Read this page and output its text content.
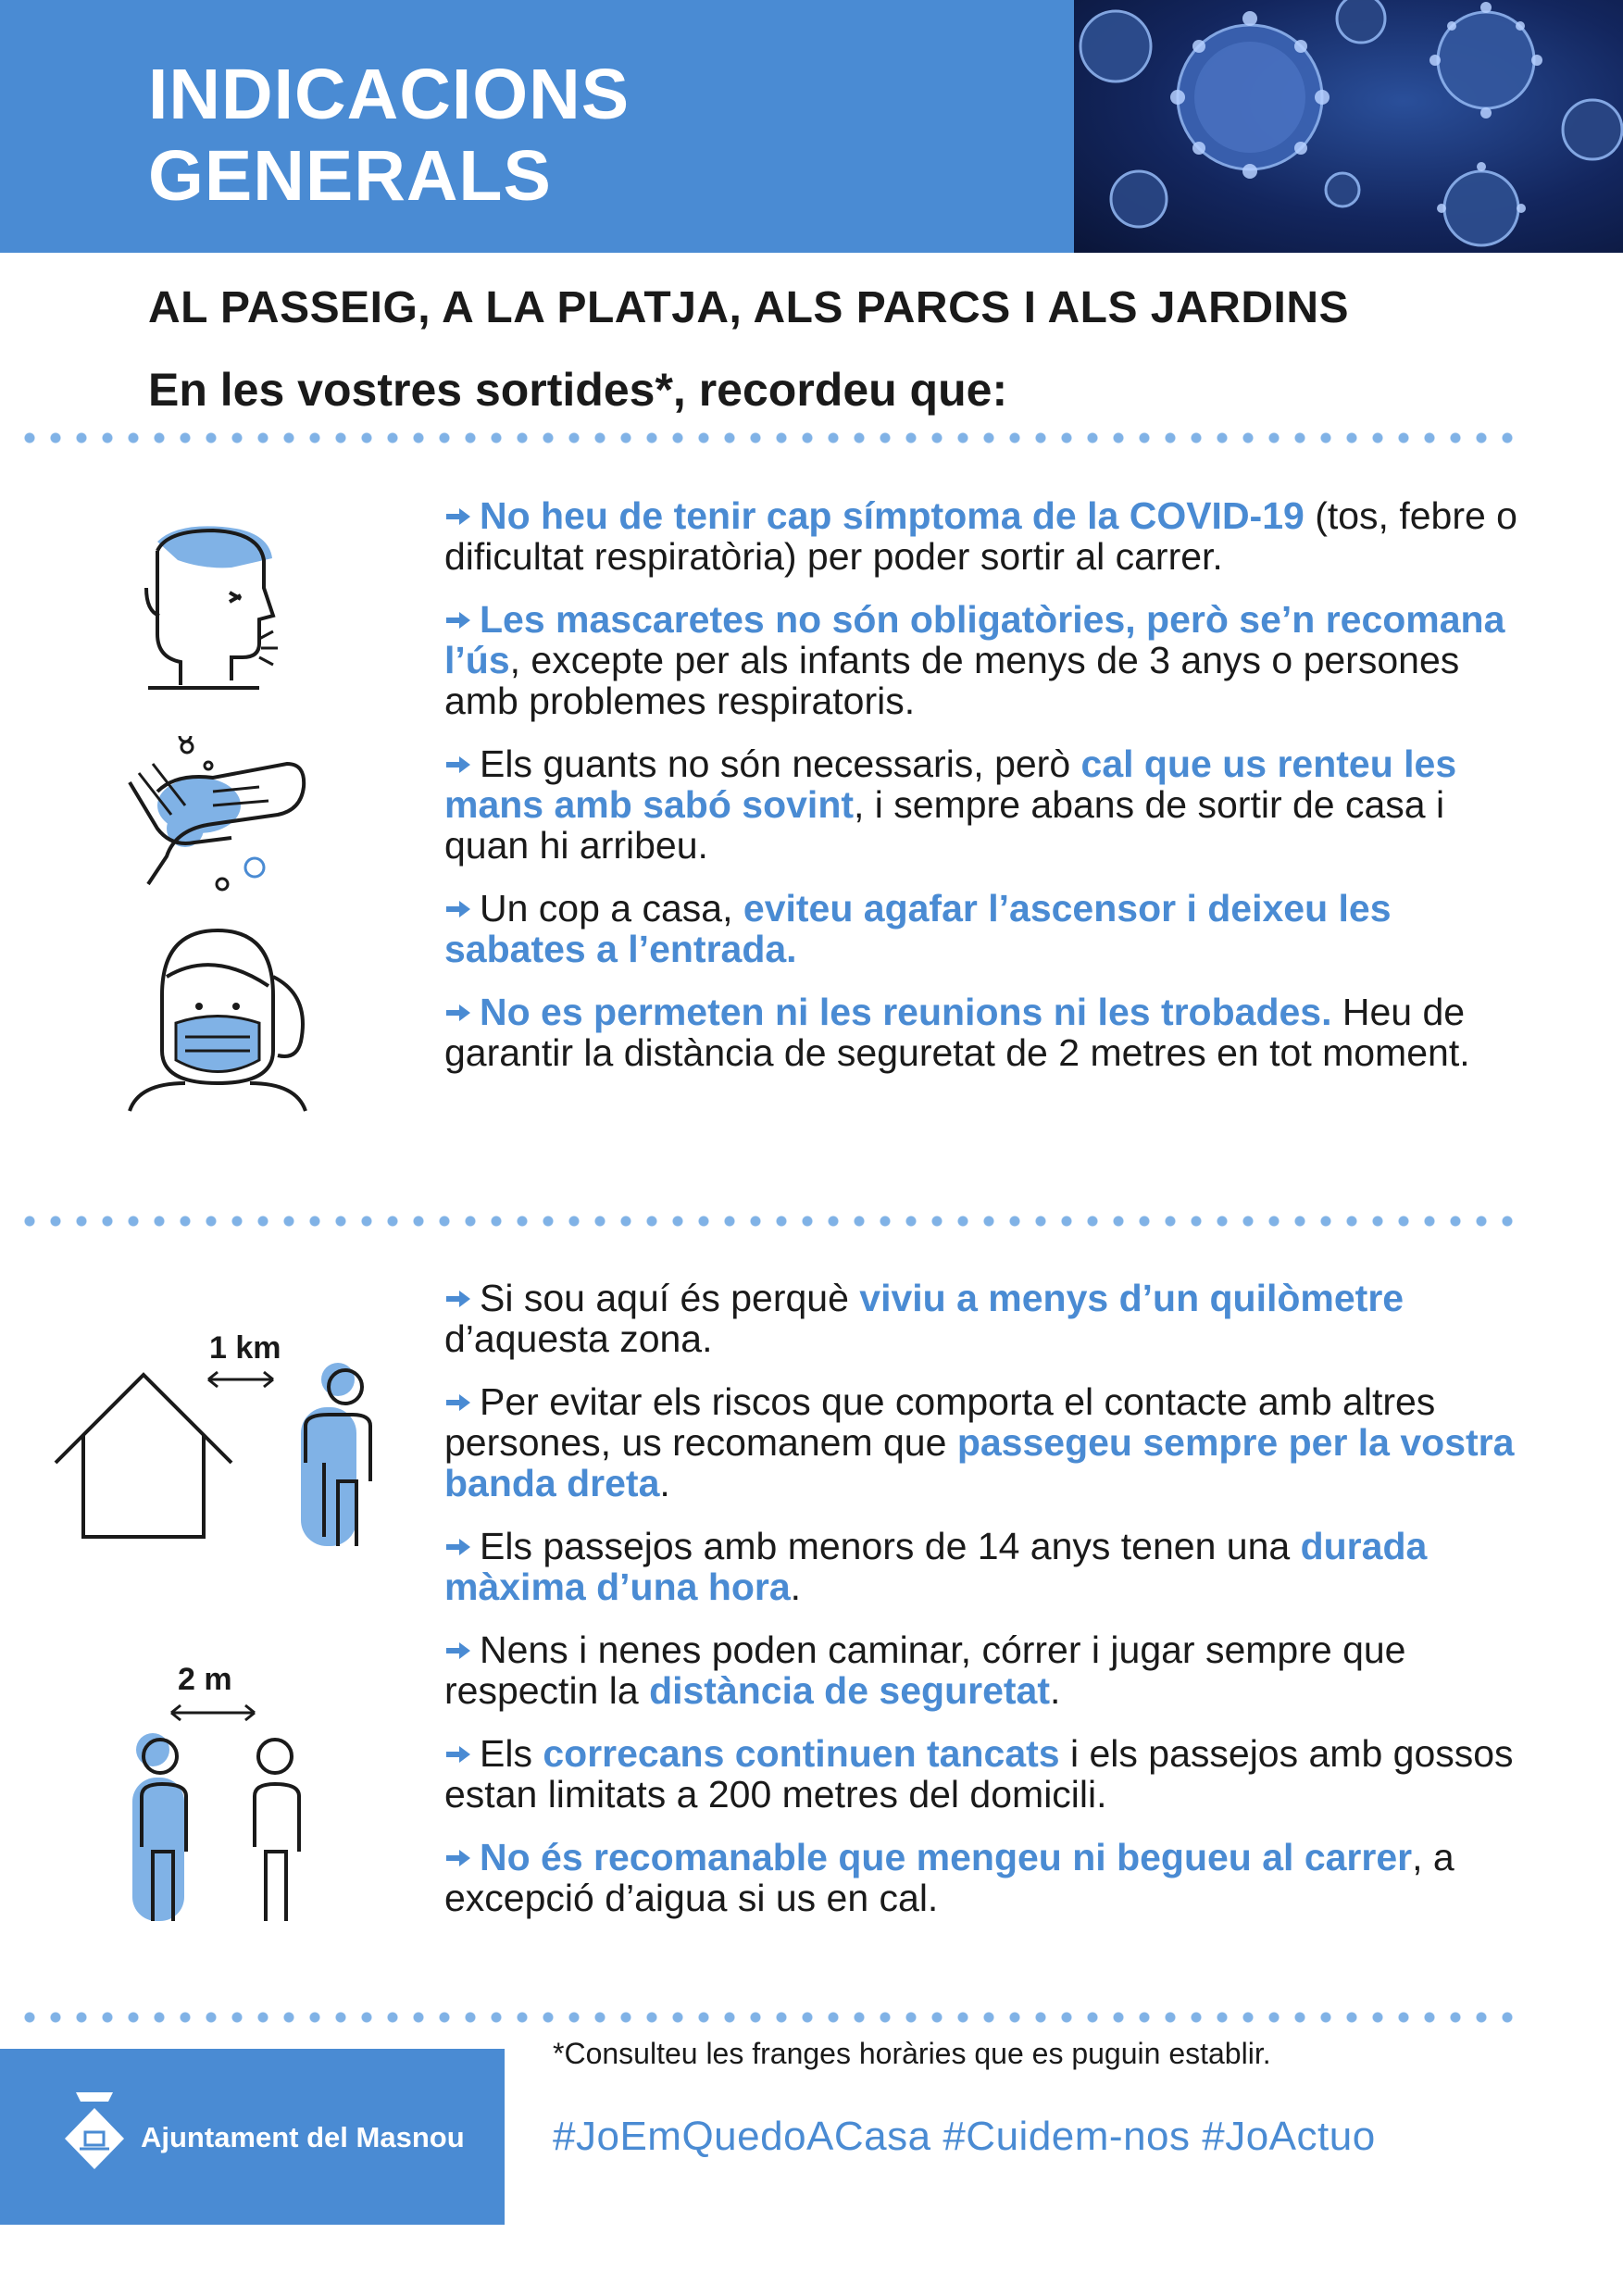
INDICACIONS
GENERALS

AL PASSEIG, A LA PLATJA, ALS PARCS I ALS JARDINS

En les vostres sortides*, recordeu que:

No heu de tenir cap símptoma de la COVID-19 (tos, febre o dificultat respiratòria) per poder sortir al carrer.
Les mascaretes no són obligatòries, però se’n recomana l’ús, excepte per als infants de menys de 3 anys o persones amb problemes respiratoris.
Els guants no són necessaris, però cal que us renteu les mans amb sabó sovint, i sempre abans de sortir de casa i quan hi arribeu.
Un cop a casa, eviteu agafar l’ascensor i deixeu les sabates a l’entrada.
No es permeten ni les reunions ni les trobades. Heu de garantir la distància de seguretat de 2 metres en tot moment.
1 km
2 m
Si sou aquí és perquè viviu a menys d’un quilòmetre d’aquesta zona.
Per evitar els riscos que comporta el contacte amb altres persones, us recomanem que passegeu sempre per la vostra banda dreta.
Els passejos amb menors de 14 anys tenen una durada màxima d’una hora.
Nens i nenes poden caminar, córrer i jugar sempre que respectin la distància de seguretat.
Els correcans continuen tancats i els passejos amb gossos estan limitats a 200 metres del domicili.
No és recomanable que mengeu ni begueu al carrer, a excepció d’aigua si us en cal.

Ajuntament del Masnou

*Consulteu les franges horàries que es puguin establir.

#JoEmQuedoACasa #Cuidem-nos #JoActuo
